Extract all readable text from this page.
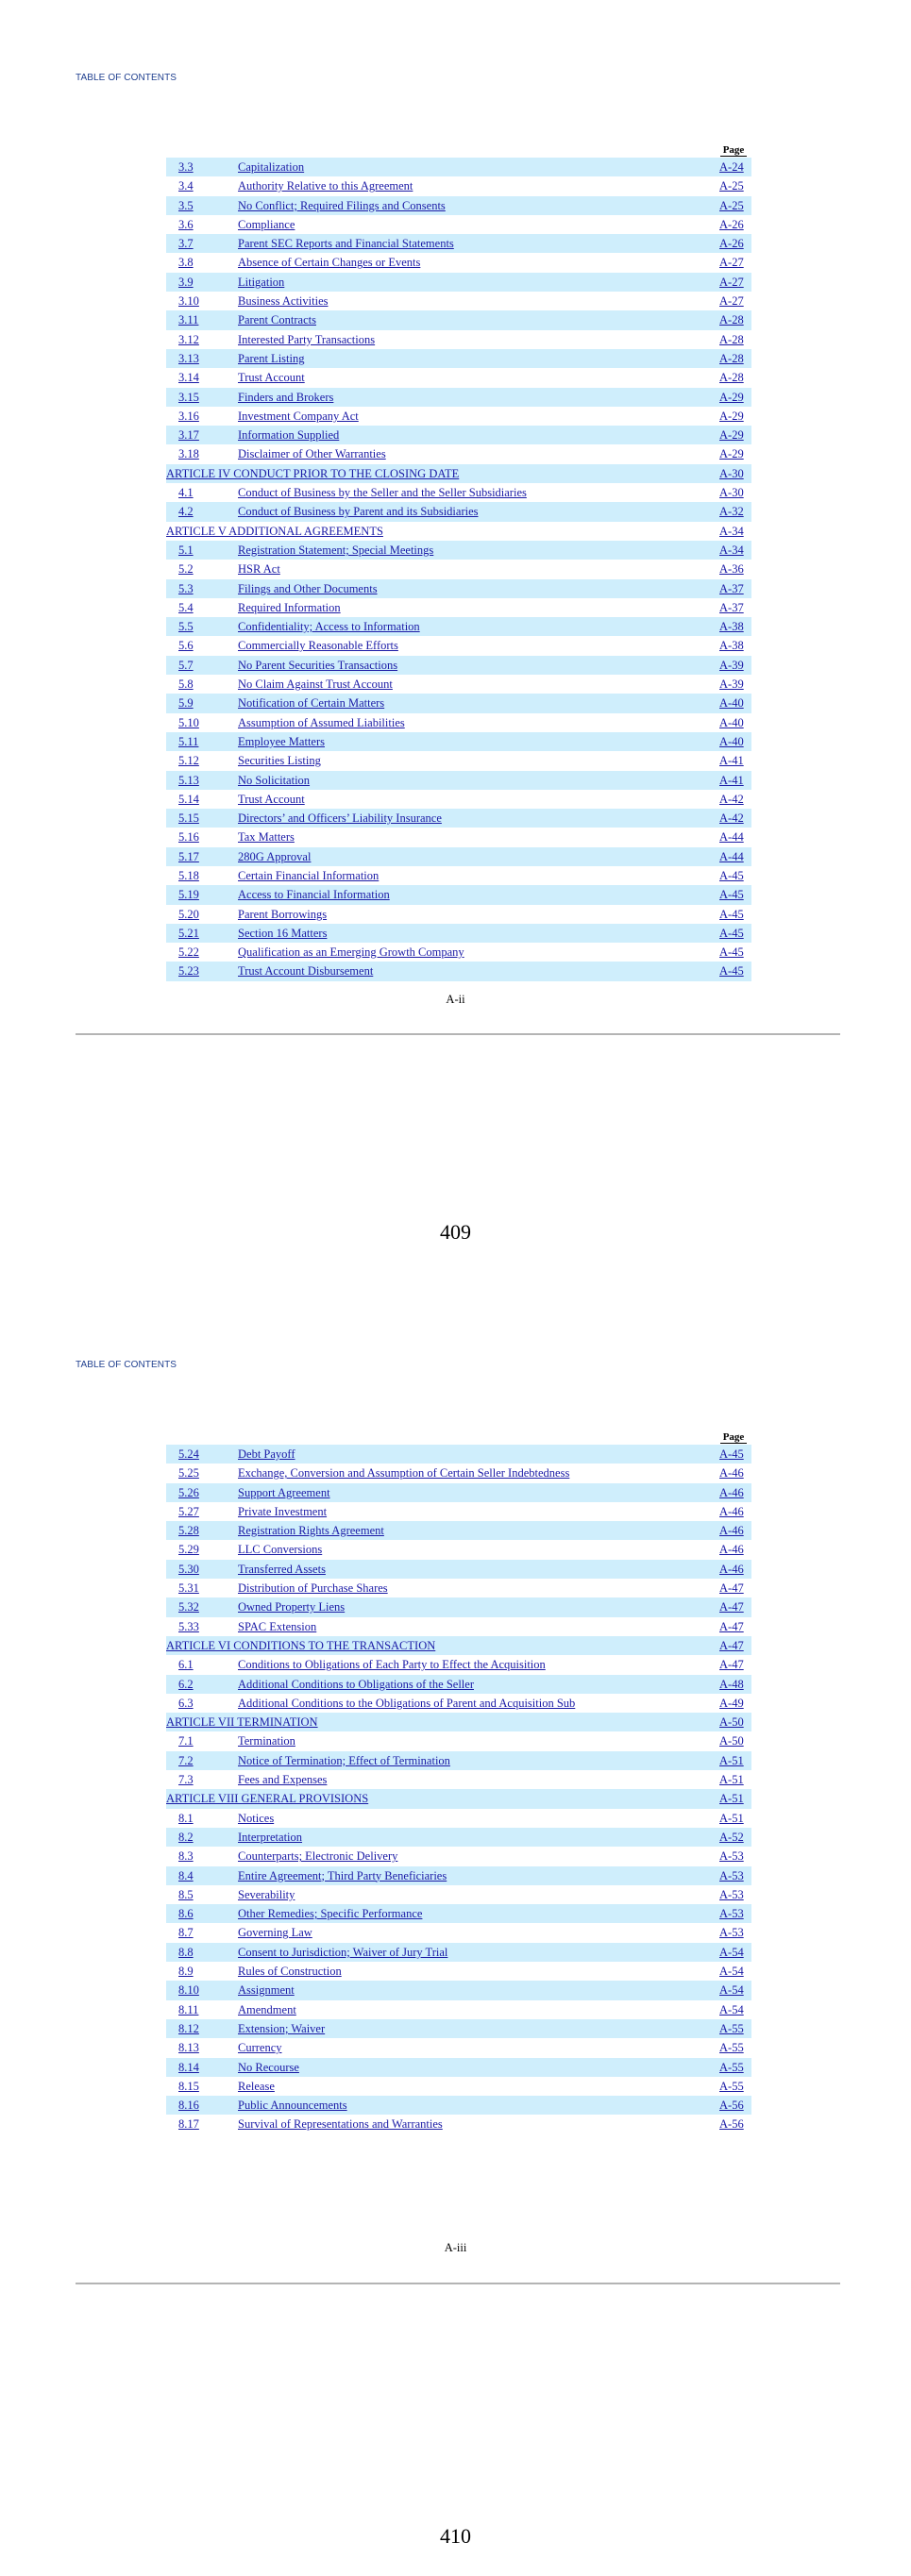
TABLE OF CONTENTS
Page
3.3	Capitalization	A-24
3.4	Authority Relative to this Agreement	A-25
3.5	No Conflict; Required Filings and Consents	A-25
3.6	Compliance	A-26
3.7	Parent SEC Reports and Financial Statements	A-26
3.8	Absence of Certain Changes or Events	A-27
3.9	Litigation	A-27
3.10	Business Activities	A-27
3.11	Parent Contracts	A-28
3.12	Interested Party Transactions	A-28
3.13	Parent Listing	A-28
3.14	Trust Account	A-28
3.15	Finders and Brokers	A-29
3.16	Investment Company Act	A-29
3.17	Information Supplied	A-29
3.18	Disclaimer of Other Warranties	A-29
ARTICLE IV CONDUCT PRIOR TO THE CLOSING DATE	A-30
4.1	Conduct of Business by the Seller and the Seller Subsidiaries	A-30
4.2	Conduct of Business by Parent and its Subsidiaries	A-32
ARTICLE V ADDITIONAL AGREEMENTS	A-34
5.1	Registration Statement; Special Meetings	A-34
5.2	HSR Act	A-36
5.3	Filings and Other Documents	A-37
5.4	Required Information	A-37
5.5	Confidentiality; Access to Information	A-38
5.6	Commercially Reasonable Efforts	A-38
5.7	No Parent Securities Transactions	A-39
5.8	No Claim Against Trust Account	A-39
5.9	Notification of Certain Matters	A-40
5.10	Assumption of Assumed Liabilities	A-40
5.11	Employee Matters	A-40
5.12	Securities Listing	A-41
5.13	No Solicitation	A-41
5.14	Trust Account	A-42
5.15	Directors’ and Officers’ Liability Insurance	A-42
5.16	Tax Matters	A-44
5.17	280G Approval	A-44
5.18	Certain Financial Information	A-45
5.19	Access to Financial Information	A-45
5.20	Parent Borrowings	A-45
5.21	Section 16 Matters	A-45
5.22	Qualification as an Emerging Growth Company	A-45
5.23	Trust Account Disbursement	A-45
A-ii
409
TABLE OF CONTENTS
Page
5.24	Debt Payoff	A-45
5.25	Exchange, Conversion and Assumption of Certain Seller Indebtedness	A-46
5.26	Support Agreement	A-46
5.27	Private Investment	A-46
5.28	Registration Rights Agreement	A-46
5.29	LLC Conversions	A-46
5.30	Transferred Assets	A-46
5.31	Distribution of Purchase Shares	A-47
5.32	Owned Property Liens	A-47
5.33	SPAC Extension	A-47
ARTICLE VI CONDITIONS TO THE TRANSACTION	A-47
6.1	Conditions to Obligations of Each Party to Effect the Acquisition	A-47
6.2	Additional Conditions to Obligations of the Seller	A-48
6.3	Additional Conditions to the Obligations of Parent and Acquisition Sub	A-49
ARTICLE VII TERMINATION	A-50
7.1	Termination	A-50
7.2	Notice of Termination; Effect of Termination	A-51
7.3	Fees and Expenses	A-51
ARTICLE VIII GENERAL PROVISIONS	A-51
8.1	Notices	A-51
8.2	Interpretation	A-52
8.3	Counterparts; Electronic Delivery	A-53
8.4	Entire Agreement; Third Party Beneficiaries	A-53
8.5	Severability	A-53
8.6	Other Remedies; Specific Performance	A-53
8.7	Governing Law	A-53
8.8	Consent to Jurisdiction; Waiver of Jury Trial	A-54
8.9	Rules of Construction	A-54
8.10	Assignment	A-54
8.11	Amendment	A-54
8.12	Extension; Waiver	A-55
8.13	Currency	A-55
8.14	No Recourse	A-55
8.15	Release	A-55
8.16	Public Announcements	A-56
8.17	Survival of Representations and Warranties	A-56
A-iii
410
